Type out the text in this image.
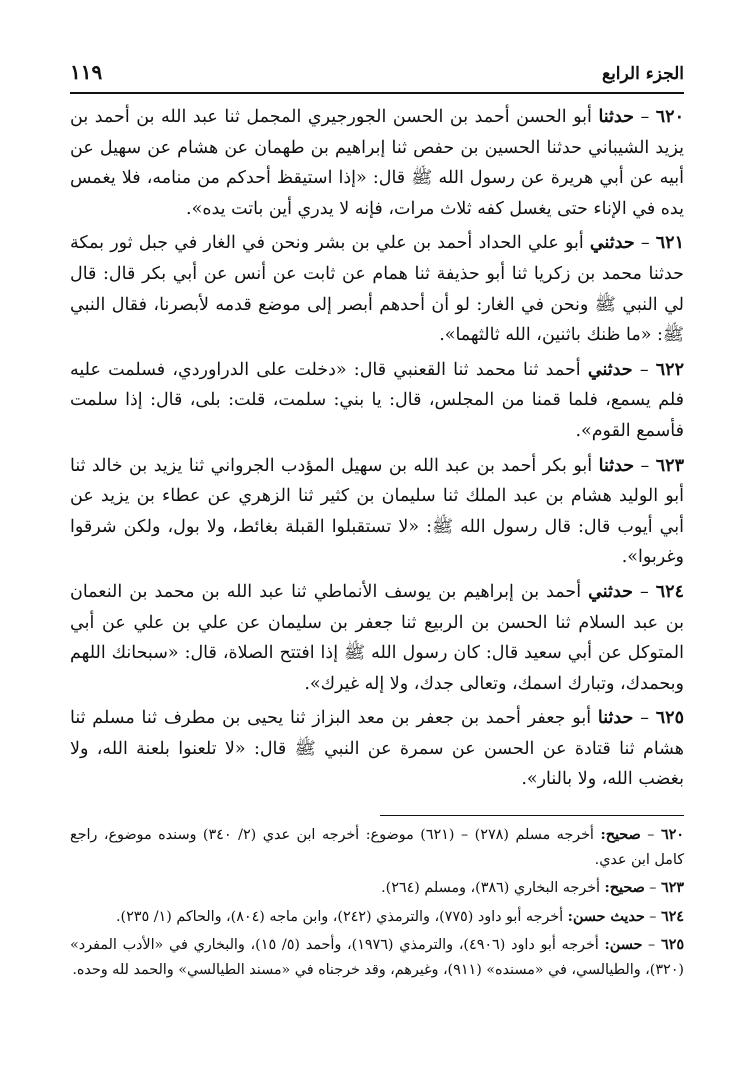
الجزء الرابع
١١٩

٦٢٠ – حدثنا أبو الحسن أحمد بن الحسن الجورجيري المجمل ثنا عبد الله بن أحمد بن يزيد الشيباني حدثنا الحسين بن حفص ثنا إبراهيم بن طهمان عن هشام عن سهيل عن أبيه عن أبي هريرة عن رسول الله ﷺ قال: «إذا استيقظ أحدكم من منامه، فلا يغمس يده في الإناء حتى يغسل كفه ثلاث مرات، فإنه لا يدري أين باتت يده».

٦٢١ – حدثني أبو علي الحداد أحمد بن علي بن بشر ونحن في الغار في جبل ثور بمكة حدثنا محمد بن زكريا ثنا أبو حذيفة ثنا همام عن ثابت عن أنس عن أبي بكر قال: قال لي النبي ﷺ ونحن في الغار: لو أن أحدهم أبصر إلى موضع قدمه لأبصرنا، فقال النبي ﷺ: «ما ظنك باثنين، الله ثالثهما».

٦٢٢ – حدثني أحمد ثنا محمد ثنا القعنبي قال: «دخلت على الدراوردي، فسلمت عليه فلم يسمع، فلما قمنا من المجلس، قال: يا بني: سلمت، قلت: بلى، قال: إذا سلمت فأسمع القوم».

٦٢٣ – حدثنا أبو بكر أحمد بن عبد الله بن سهيل المؤدب الجرواني ثنا يزيد بن خالد ثنا أبو الوليد هشام بن عبد الملك ثنا سليمان بن كثير ثنا الزهري عن عطاء بن يزيد عن أبي أيوب قال: قال رسول الله ﷺ: «لا تستقبلوا القبلة بغائط، ولا بول، ولكن شرقوا وغربوا».

٦٢٤ – حدثني أحمد بن إبراهيم بن يوسف الأنماطي ثنا عبد الله بن محمد بن النعمان بن عبد السلام ثنا الحسن بن الربيع ثنا جعفر بن سليمان عن علي بن علي عن أبي المتوكل عن أبي سعيد قال: كان رسول الله ﷺ إذا افتتح الصلاة، قال: «سبحانك اللهم وبحمدك، وتبارك اسمك، وتعالى جدك، ولا إله غيرك».

٦٢٥ – حدثنا أبو جعفر أحمد بن جعفر بن معد البزاز ثنا يحيى بن مطرف ثنا مسلم ثنا هشام ثنا قتادة عن الحسن عن سمرة عن النبي ﷺ قال: «لا تلعنوا بلعنة الله، ولا بغضب الله، ولا بالنار».

٦٢٠ – صحيح: أخرجه مسلم (٢٧٨) – (٦٢١) موضوع: أخرجه ابن عدي (٢/ ٣٤٠) وسنده موضوع، راجع كامل ابن عدي.

٦٢٣ – صحيح: أخرجه البخاري (٣٨٦)، ومسلم (٢٦٤).

٦٢٤ – حديث حسن: أخرجه أبو داود (٧٧٥)، والترمذي (٢٤٢)، وابن ماجه (٨٠٤)، والحاكم (١/ ٢٣٥).

٦٢٥ – حسن: أخرجه أبو داود (٤٩٠٦)، والترمذي (١٩٧٦)، وأحمد (٥/ ١٥)، والبخاري في «الأدب المفرد» (٣٢٠)، والطيالسي، في «مسنده» (٩١١)، وغيرهم، وقد خرجناه في «مسند الطيالسي» والحمد لله وحده.
